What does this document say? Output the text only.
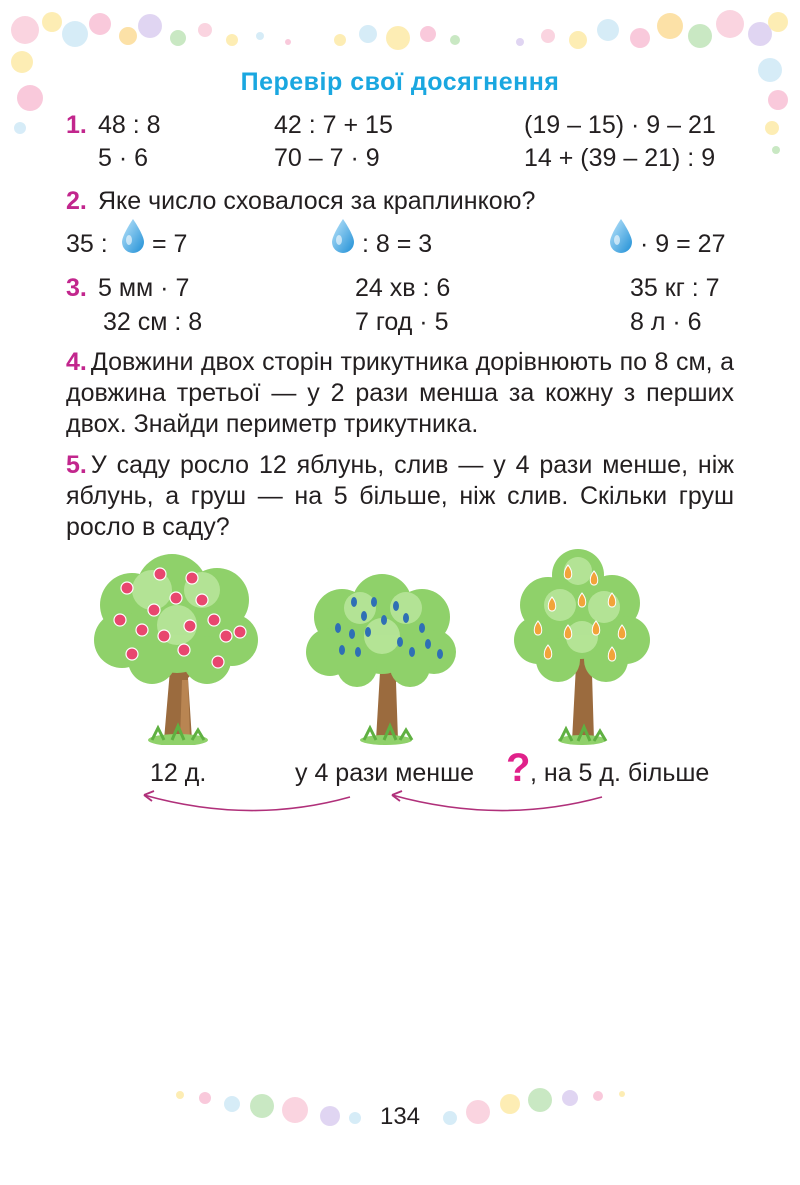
Перевір свої досягнення
1. 48 : 8	42 : 7 + 15	(19 – 15) · 9 – 21
5 · 6	70 – 7 · 9	14 + (39 – 21) : 9
2. Яке число сховалося за краплинкою?
35 : = 7	: 8 = 3	· 9 = 27
3. 5 мм · 7	24 хв : 6	35 кг : 7
32 см : 8	7 год · 5	8 л · 6
4. Довжини двох сторін трикутника дорівнюють по 8 см, а довжина третьої — у 2 рази менша за кожну з перших двох. Знайди периметр трикутника.
5. У саду росло 12 яблунь, слив — у 4 рази менше, ніж яблунь, а груш — на 5 більше, ніж слив. Скільки груш росло в саду?
12 д.	у 4 рази менше ? , на 5 д. більше
134
